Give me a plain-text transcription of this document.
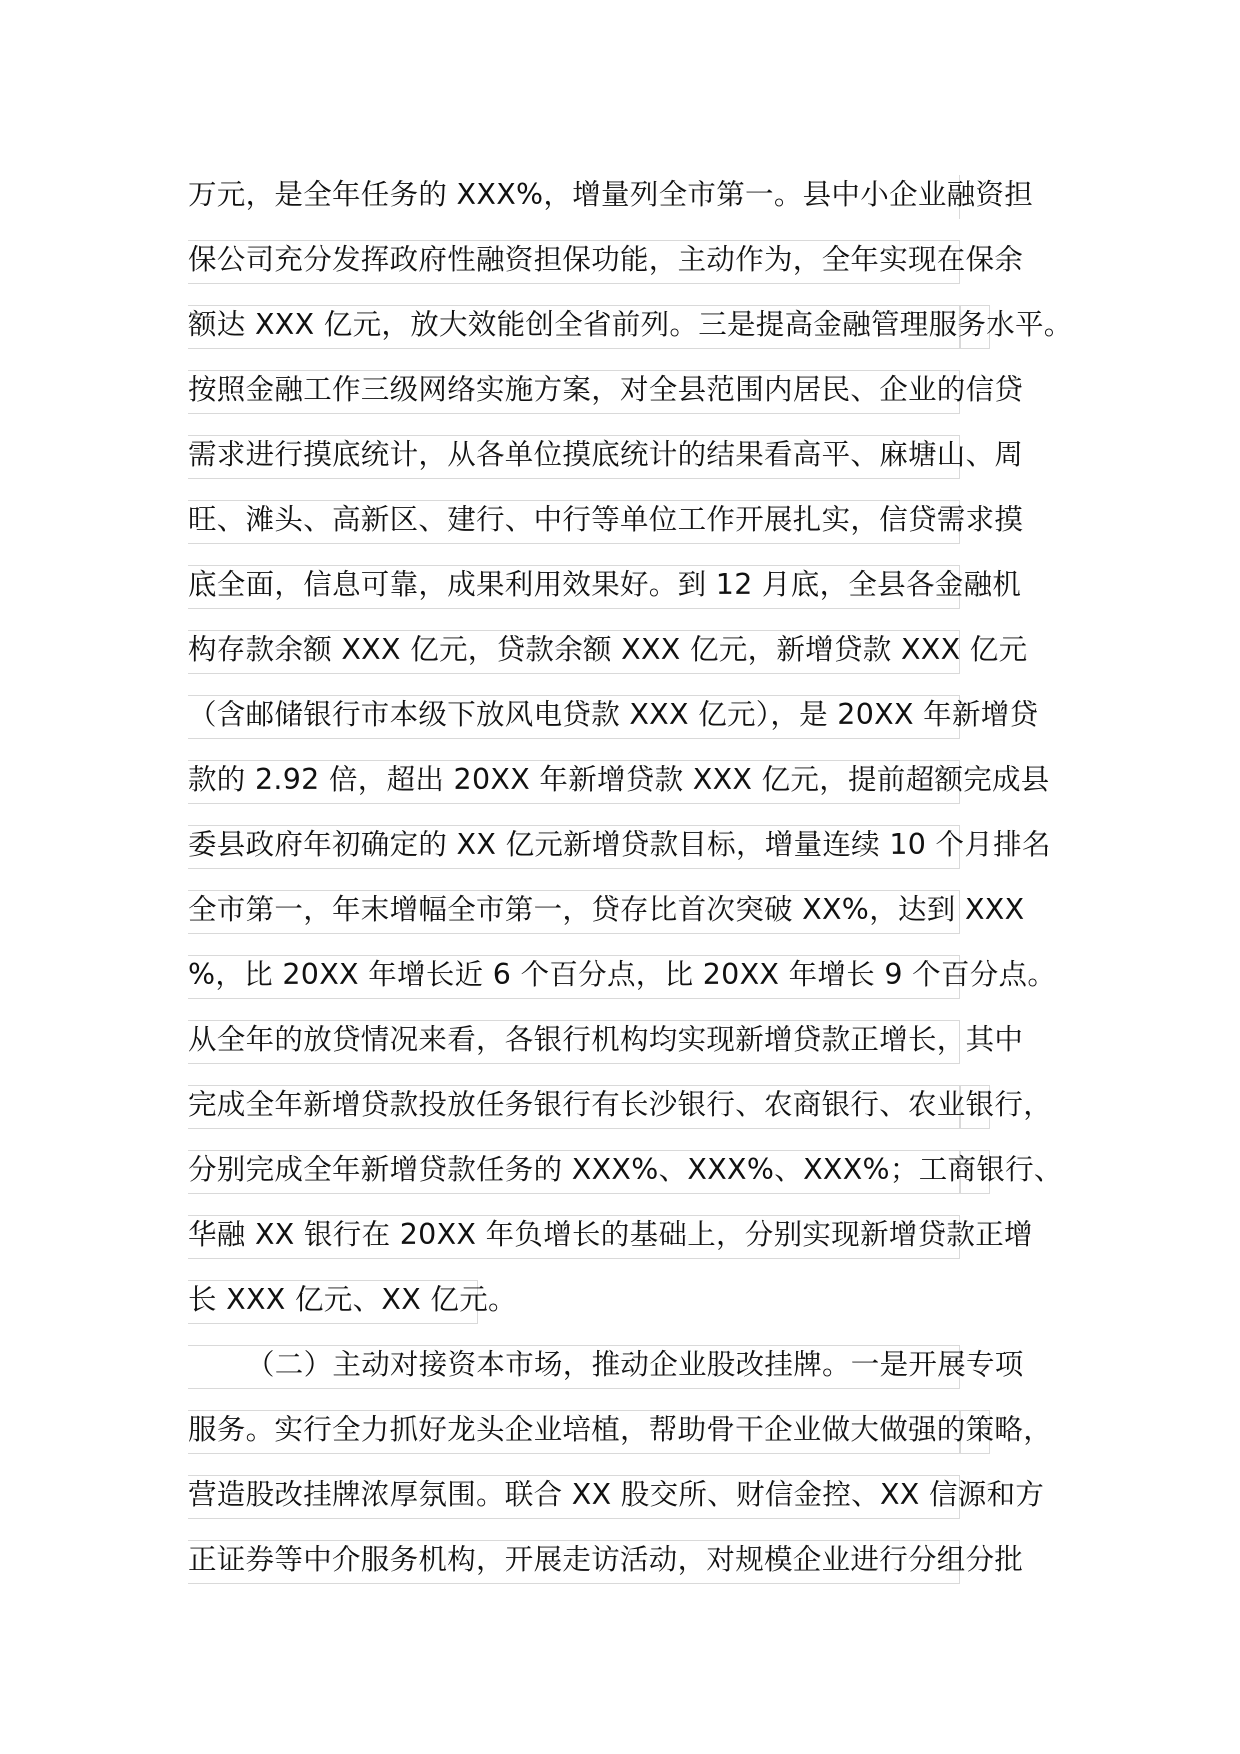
万元，是全年任务的 XXX%，增量列全市第一。县中小企业融资担
保公司充分发挥政府性融资担保功能，主动作为，全年实现在保余
额达 XXX 亿元，放大效能创全省前列。三是提高金融管理服务水平。
按照金融工作三级网络实施方案，对全县范围内居民、企业的信贷
需求进行摸底统计，从各单位摸底统计的结果看高平、麻塘山、周
旺、滩头、高新区、建行、中行等单位工作开展扎实，信贷需求摸
底全面，信息可靠，成果利用效果好。到 12 月底，全县各金融机
构存款余额 XXX 亿元，贷款余额 XXX 亿元，新增贷款 XXX 亿元
（含邮储银行市本级下放风电贷款 XXX 亿元），是 20XX 年新增贷
款的 2.92 倍，超出 20XX 年新增贷款 XXX 亿元，提前超额完成县
委县政府年初确定的 XX 亿元新增贷款目标，增量连续 10 个月排名
全市第一，年末增幅全市第一，贷存比首次突破 XX%，达到 XXX
%，比 20XX 年增长近 6 个百分点，比 20XX 年增长 9 个百分点。
从全年的放贷情况来看，各银行机构均实现新增贷款正增长，其中
完成全年新增贷款投放任务银行有长沙银行、农商银行、农业银行，
分别完成全年新增贷款任务的 XXX%、XXX%、XXX%；工商银行、
华融 XX 银行在 20XX 年负增长的基础上，分别实现新增贷款正增
长 XXX 亿元、XX 亿元。
（二）主动对接资本市场，推动企业股改挂牌。一是开展专项
服务。实行全力抓好龙头企业培植，帮助骨干企业做大做强的策略，
营造股改挂牌浓厚氛围。联合 XX 股交所、财信金控、XX 信源和方
正证券等中介服务机构，开展走访活动，对规模企业进行分组分批
